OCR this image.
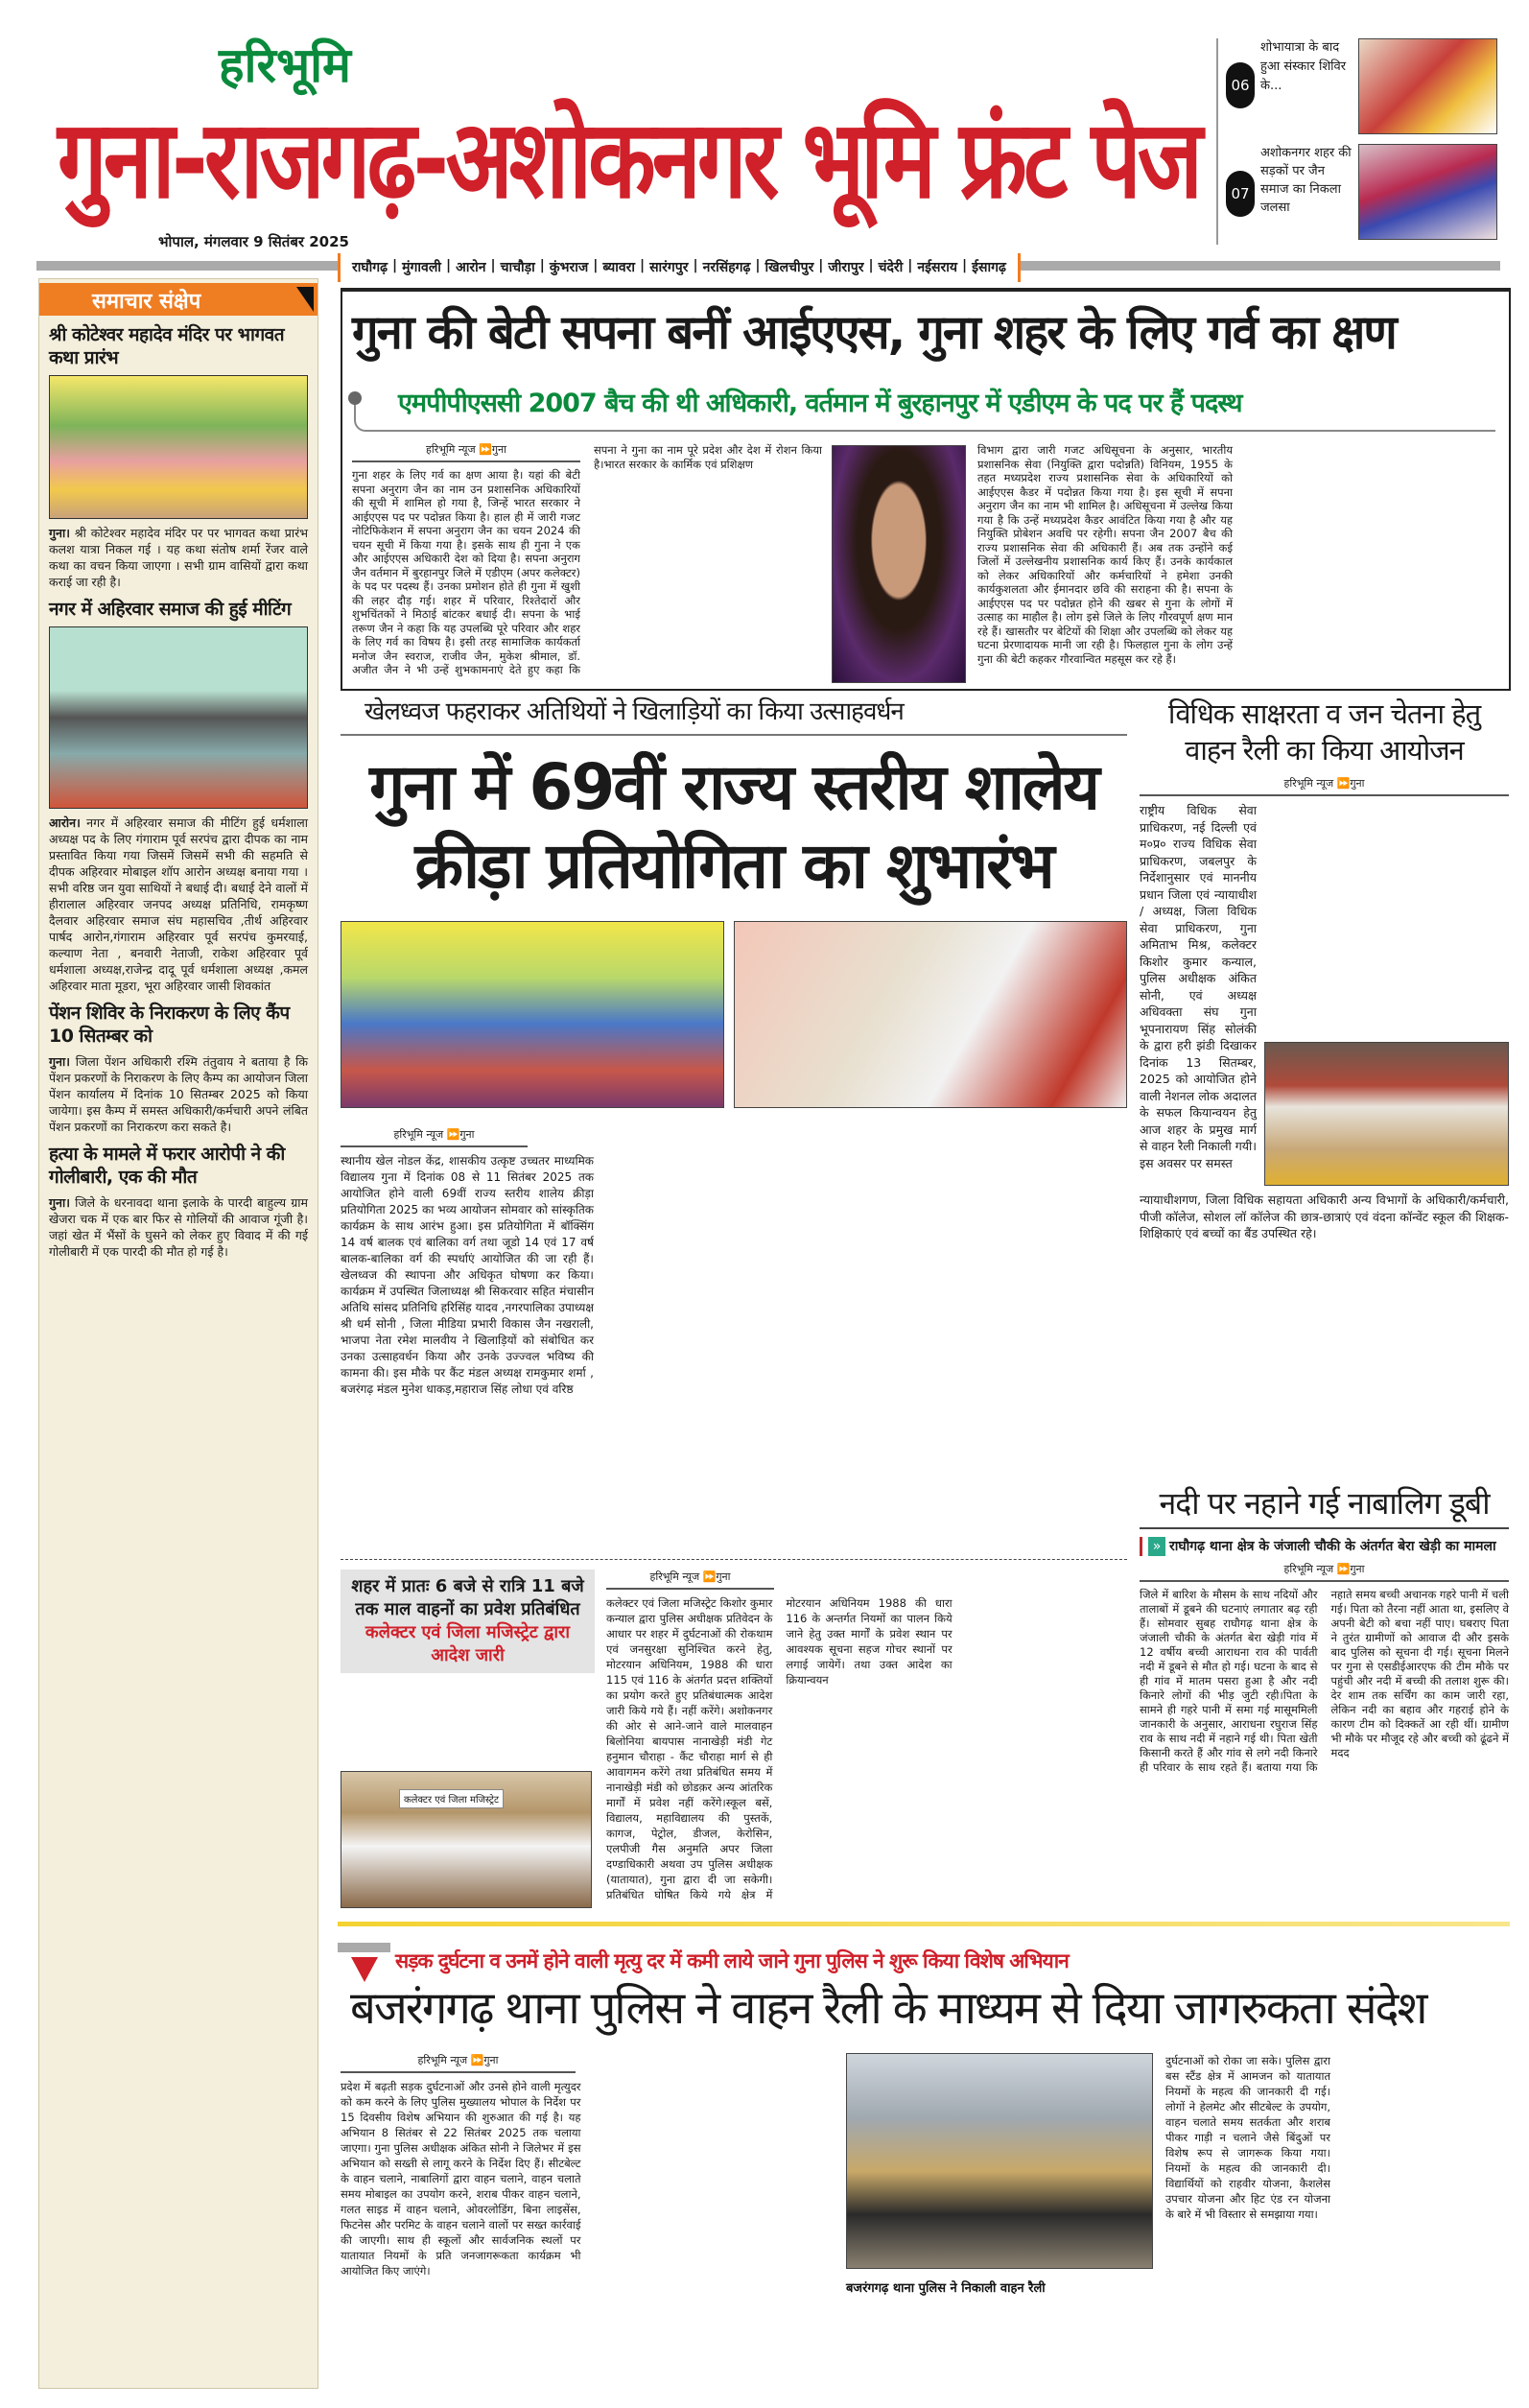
हरिभूमि
गुना-राजगढ़-अशोकनगर भूमि फ्रंट पेज
भोपाल, मंगलवार 9 सितंबर 2025
राघौगढ़ | मुंगावली | आरोन | चाचौड़ा | कुंभराज | ब्यावरा | सारंगपुर | नरसिंहगढ़ | खिलचीपुर | जीरापुर | चंदेरी | नईसराय | ईसागढ़
06
शोभायात्रा के बाद हुआ संस्कार शिविर के...
07
अशोकनगर शहर की सड़कों पर जैन समाज का निकला जलसा
समाचार संक्षेप
श्री कोटेश्वर महादेव मंदिर पर भागवत कथा प्रारंभ
गुना। श्री कोटेश्वर महादेव मंदिर पर पर भागवत कथा प्रारंभ कलश यात्रा निकल गई । यह कथा संतोष शर्मा रेंजर वाले कथा का वचन किया जाएगा । सभी ग्राम वासियों द्वारा कथा कराई जा रही है।
नगर में अहिरवार समाज की हुई मीटिंग
आरोन। नगर में अहिरवार समाज की मीटिंग हुई धर्मशाला अध्यक्ष पद के लिए गंगाराम पूर्व सरपंच द्वारा दीपक का नाम प्रस्तावित किया गया जिसमें जिसमें सभी की सहमति से दीपक अहिरवार मोबाइल शॉप आरोन अध्यक्ष बनाया गया ।सभी वरिष्ठ जन युवा साथियों ने बधाई दी। बधाई देने वालों में हीरालाल अहिरवार जनपद अध्यक्ष प्रतिनिधि, रामकृष्ण दैलवार अहिरवार समाज संघ महासचिव ,तीर्थ अहिरवार पार्षद आरोन,गंगाराम अहिरवार पूर्व सरपंच कुमरयाई, कल्याण नेता , बनवारी नेताजी, राकेश अहिरवार पूर्व धर्मशाला अध्यक्ष,राजेन्द्र दादू पूर्व धर्मशाला अध्यक्ष ,कमल अहिरवार माता मूडरा, भूरा अहिरवार जासी शिवकांत
पेंशन शिविर के निराकरण के लिए कैंप 10 सितम्बर को
गुना। जिला पेंशन अधिकारी रश्मि तंतुवाय ने बताया है कि पेंशन प्रकरणों के निराकरण के लिए कैम्प का आयोजन जिला पेंशन कार्यालय में दिनांक 10 सितम्बर 2025 को किया जायेगा। इस कैम्प में समस्त अधिकारी/कर्मचारी अपने लंबित पेंशन प्रकरणों का निराकरण करा सकते है।
हत्या के मामले में फरार आरोपी ने की गोलीबारी, एक की मौत
गुना। जिले के धरनावदा थाना इलाके के पारदी बाहुल्य ग्राम खेजरा चक में एक बार फिर से गोलियों की आवाज गूंजी है। जहां खेत में भैंसों के घुसने को लेकर हुए विवाद में की गई गोलीबारी में एक पारदी की मौत हो गई है।
गुना की बेटी सपना बनीं आईएएस, गुना शहर के लिए गर्व का क्षण
एमपीपीएससी 2007 बैच की थी अधिकारी, वर्तमान में बुरहानपुर में एडीएम के पद पर हैं पदस्थ
हरिभूमि न्यूज ⏩गुना
गुना शहर के लिए गर्व का क्षण आया है। यहां की बेटी सपना अनुराग जैन का नाम उन प्रशासनिक अधिकारियों की सूची में शामिल हो गया है, जिन्हें भारत सरकार ने आईएएस पद पर पदोन्नत किया है। हाल ही में जारी गजट नोटिफिकेशन में सपना अनुराग जैन का चयन 2024 की चयन सूची में किया गया है। इसके साथ ही गुना ने एक और आईएएस अधिकारी देश को दिया है। सपना अनुराग जैन वर्तमान में बुरहानपुर जिले में एडीएम (अपर कलेक्टर) के पद पर पदस्थ हैं। उनका प्रमोशन होते ही गुना में खुशी की लहर दौड़ गई। शहर में परिवार, रिश्तेदारों और शुभचिंतकों ने मिठाई बांटकर बधाई दी। सपना के भाई तरूण जैन ने कहा कि यह उपलब्धि पूरे परिवार और शहर के लिए गर्व का विषय है। इसी तरह सामाजिक कार्यकर्ता मनोज जैन स्वराज, राजीव जैन, मुकेश श्रीमाल, डॉ. अजीत जैन ने भी उन्हें शुभकामनाएं देते हुए कहा कि सपना ने गुना का नाम पूरे प्रदेश और देश में रोशन किया है।भारत सरकार के कार्मिक एवं प्रशिक्षण
विभाग द्वारा जारी गजट अधिसूचना के अनुसार, भारतीय प्रशासनिक सेवा (नियुक्ति द्वारा पदोन्नति) विनियम, 1955 के तहत मध्यप्रदेश राज्य प्रशासनिक सेवा के अधिकारियों को आईएएस कैडर में पदोन्नत किया गया है। इस सूची में सपना अनुराग जैन का नाम भी शामिल है। अधिसूचना में उल्लेख किया गया है कि उन्हें मध्यप्रदेश कैडर आवंटित किया गया है और यह नियुक्ति प्रोबेशन अवधि पर रहेगी। सपना जैन 2007 बैच की राज्य प्रशासनिक सेवा की अधिकारी हैं। अब तक उन्होंने कई जिलों में उल्लेखनीय प्रशासनिक कार्य किए हैं। उनके कार्यकाल को लेकर अधिकारियों और कर्मचारियों ने हमेशा उनकी कार्यकुशलता और ईमानदार छवि की सराहना की है। सपना के आईएएस पद पर पदोन्नत होने की खबर से गुना के लोगों में उत्साह का माहौल है। लोग इसे जिले के लिए गौरवपूर्ण क्षण मान रहे हैं। खासतौर पर बेटियों की शिक्षा और उपलब्धि को लेकर यह घटना प्रेरणादायक मानी जा रही है। फिलहाल गुना के लोग उन्हें गुना की बेटी कहकर गौरवान्वित महसूस कर रहे हैं।
खेलध्वज फहराकर अतिथियों ने खिलाड़ियों का किया उत्साहवर्धन
गुना में 69वीं राज्य स्तरीय शालेय क्रीड़ा प्रतियोगिता का शुभारंभ
हरिभूमि न्यूज ⏩गुना
स्थानीय खेल नोडल केंद्र, शासकीय उत्कृष्ट उच्चतर माध्यमिक विद्यालय गुना में दिनांक 08 से 11 सितंबर 2025 तक आयोजित होने वाली 69वीं राज्य स्तरीय शालेय क्रीड़ा प्रतियोगिता 2025 का भव्य आयोजन सोमवार को सांस्कृतिक कार्यक्रम के साथ आरंभ हुआ। इस प्रतियोगिता में बॉक्सिंग 14 वर्ष बालक एवं बालिका वर्ग तथा जूडो 14 एवं 17 वर्ष बालक-बालिका वर्ग की स्पर्धाएं आयोजित की जा रही हैं। खेलध्वज की स्थापना और अधिकृत घोषणा कर किया। कार्यक्रम में उपस्थित जिलाध्यक्ष श्री सिकरवार सहित मंचासीन अतिथि सांसद प्रतिनिधि हरिसिंह यादव ,नगरपालिका उपाध्यक्ष श्री धर्म सोनी , जिला मीडिया प्रभारी विकास जैन नखराली, भाजपा नेता रमेश मालवीय ने खिलाड़ियों को संबोधित कर उनका उत्साहवर्धन किया और उनके उज्ज्वल भविष्य की कामना की। इस मौके पर कैंट मंडल अध्यक्ष रामकुमार शर्मा , बजरंगढ़ मंडल मुनेश धाकड़,महाराज सिंह लोधा एवं वरिष्ठ
विधिक साक्षरता व जन चेतना हेतु वाहन रैली का किया आयोजन
हरिभूमि न्यूज ⏩गुना
राष्ट्रीय विधिक सेवा प्राधिकरण, नई दिल्ली एवं म०प्र० राज्य विधिक सेवा प्राधिकरण, जबलपुर के निर्देशानुसार एवं माननीय प्रधान जिला एवं न्यायाधीश / अध्यक्ष, जिला विधिक सेवा प्राधिकरण, गुना अमिताभ मिश्र, कलेक्टर किशोर कुमार कन्याल, पुलिस अधीक्षक अंकित सोनी, एवं अध्यक्ष अधिवक्ता संघ गुना भूपनारायण सिंह सोलंकी के द्वारा हरी झंडी दिखाकर दिनांक 13 सितम्बर, 2025 को आयोजित होने वाली नेशनल लोक अदालत के सफल कियान्वयन हेतु आज शहर के प्रमुख मार्ग से वाहन रैली निकाली गयी। इस अवसर पर समस्त
न्यायाधीशगण, जिला विधिक सहायता अधिकारी अन्य विभागों के अधिकारी/कर्मचारी, पीजी कॉलेज, सोशल लॉ कॉलेज की छात्र-छात्राएं एवं वंदना कॉन्वेंट स्कूल की शिक्षक-शिक्षिकाएं एवं बच्चों का बैंड उपस्थित रहे।
शहर में प्रातः 6 बजे से रात्रि 11 बजे तक माल वाहनों का प्रवेश प्रतिबंधित
कलेक्टर एवं जिला मजिस्ट्रेट द्वारा आदेश जारी
कलेक्टर एवं जिला मजिस्ट्रेट
हरिभूमि न्यूज ⏩गुना
कलेक्टर एवं जिला मजिस्ट्रेट किशोर कुमार कन्याल द्वारा पुलिस अधीक्षक प्रतिवेदन के आधार पर शहर में दुर्घटनाओं की रोकथाम एवं जनसुरक्षा सुनिश्चित करने हेतु, मोटरयान अधिनियम, 1988 की धारा 115 एवं 116 के अंतर्गत प्रदत्त शक्तियों का प्रयोग करते हुए प्रतिबंधात्मक आदेश जारी किये गये हैं। नहीं करेंगे। अशोकनगर की ओर से आने-जाने वाले मालवाहन बिलोनिया बायपास नानाखेड़ी मंडी गेट हनुमान चौराहा - कैंट चौराहा मार्ग से ही आवागमन करेंगे तथा प्रतिबंधित समय में नानाखेड़ी मंडी को छोडक़र अन्य आंतरिक मार्गों में प्रवेश नहीं करेंगे।स्कूल बसें, विद्यालय, महाविद्यालय की पुस्तकें, कागज, पेट्रोल, डीजल, केरोसिन, एलपीजी गैस अनुमति अपर जिला दण्डाधिकारी अथवा उप पुलिस अधीक्षक (यातायात), गुना द्वारा दी जा सकेगी। प्रतिबंधित घोषित किये गये क्षेत्र में मोटरयान अधिनियम 1988 की धारा 116 के अन्तर्गत नियमों का पालन किये जाने हेतु उक्त मार्गों के प्रवेश स्थान पर आवश्यक सूचना सहज गोचर स्थानों पर लगाई जायेगें। तथा उक्त आदेश का क्रियान्वयन
नदी पर नहाने गई नाबालिग डूबी
» राघौगढ़ थाना क्षेत्र के जंजाली चौकी के अंतर्गत बेरा खेड़ी का मामला
हरिभूमि न्यूज ⏩गुना
जिले में बारिश के मौसम के साथ नदियों और तालाबों में डूबने की घटनाएं लगातार बढ़ रही हैं। सोमवार सुबह राघौगढ़ थाना क्षेत्र के जंजाली चौकी के अंतर्गत बेरा खेड़ी गांव में 12 वर्षीय बच्ची आराधना राव की पार्वती नदी में डूबने से मौत हो गई। घटना के बाद से ही गांव में मातम पसरा हुआ है और नदी किनारे लोगों की भीड़ जुटी रही।पिता के सामने ही गहरे पानी में समा गई मासूममिली जानकारी के अनुसार, आराधना रघुराज सिंह राव के साथ नदी में नहाने गई थी। पिता खेती किसानी करते हैं और गांव से लगे नदी किनारे ही परिवार के साथ रहते हैं। बताया गया कि नहाते समय बच्ची अचानक गहरे पानी में चली गई। पिता को तैरना नहीं आता था, इसलिए वे अपनी बेटी को बचा नहीं पाए। घबराए पिता ने तुरंत ग्रामीणों को आवाज दी और इसके बाद पुलिस को सूचना दी गई। सूचना मिलने पर गुना से एसडीईआरएफ की टीम मौके पर पहुंची और नदी में बच्ची की तलाश शुरू की। देर शाम तक सर्चिंग का काम जारी रहा, लेकिन नदी का बहाव और गहराई होने के कारण टीम को दिक्कतें आ रही थीं। ग्रामीण भी मौके पर मौजूद रहे और बच्ची को ढूंढने में मदद
सड़क दुर्घटना व उनमें होने वाली मृत्यु दर में कमी लाये जाने गुना पुलिस ने शुरू किया विशेष अभियान
बजरंगगढ़ थाना पुलिस ने वाहन रैली के माध्यम से दिया जागरुकता संदेश
हरिभूमि न्यूज ⏩गुना
प्रदेश में बढ़ती सड़क दुर्घटनाओं और उनसे होने वाली मृत्युदर को कम करने के लिए पुलिस मुख्यालय भोपाल के निर्देश पर 15 दिवसीय विशेष अभियान की शुरुआत की गई है। यह अभियान 8 सितंबर से 22 सितंबर 2025 तक चलाया जाएगा। गुना पुलिस अधीक्षक अंकित सोनी ने जिलेभर में इस अभियान को सख्ती से लागू करने के निर्देश दिए हैं। सीटबेल्ट के वाहन चलाने, नाबालिगों द्वारा वाहन चलाने, वाहन चलाते समय मोबाइल का उपयोग करने, शराब पीकर वाहन चलाने, गलत साइड में वाहन चलाने, ओवरलोडिंग, बिना लाइसेंस, फिटनेस और परमिट के वाहन चलाने वालों पर सख्त कार्रवाई की जाएगी। साथ ही स्कूलों और सार्वजनिक स्थलों पर यातायात नियमों के प्रति जनजागरूकता कार्यक्रम भी आयोजित किए जाएंगे।
बजरंगगढ़ थाना पुलिस ने निकाली वाहन रैली
दुर्घटनाओं को रोका जा सके। पुलिस द्वारा बस स्टैंड क्षेत्र में आमजन को यातायात नियमों के महत्व की जानकारी दी गई। लोगों ने हेलमेट और सीटबेल्ट के उपयोग, वाहन चलाते समय सतर्कता और शराब पीकर गाड़ी न चलाने जैसे बिंदुओं पर विशेष रूप से जागरूक किया गया। नियमों के महत्व की जानकारी दी। विद्यार्थियों को राहवीर योजना, कैशलेस उपचार योजना और हिट एंड रन योजना के बारे में भी विस्तार से समझाया गया।
